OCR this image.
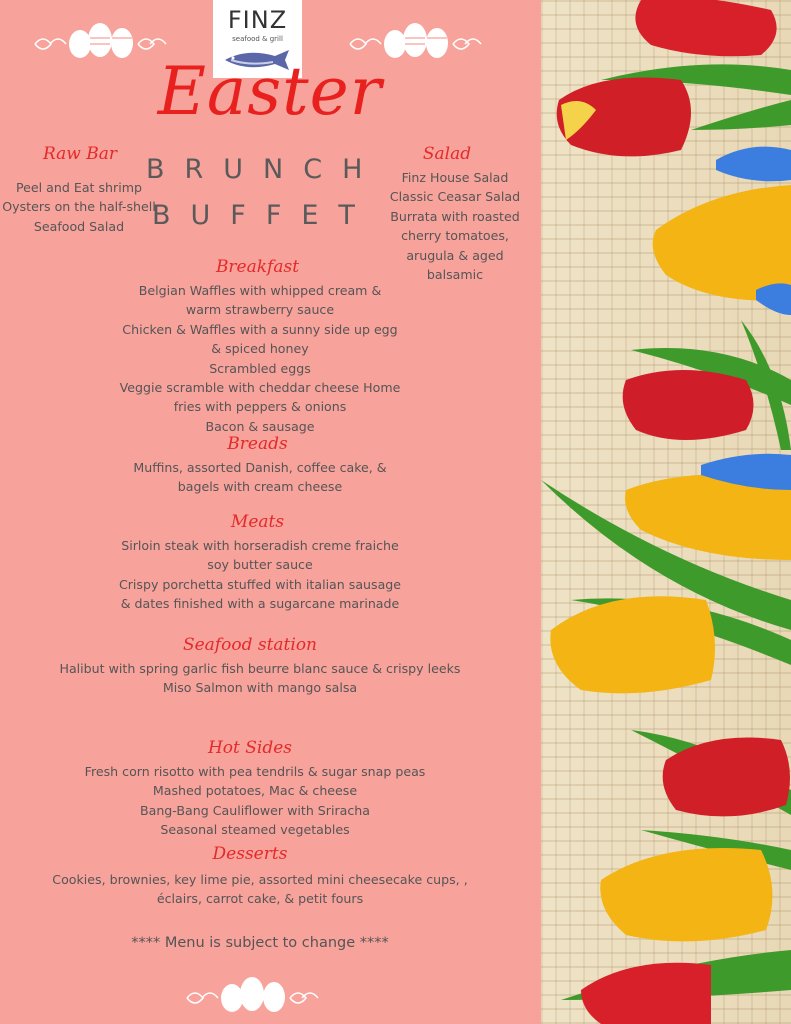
FINZ
seafood & grill
Easter
BRUNCH
BUFFET
Raw Bar
Peel and Eat shrimp
Oysters on the half-shell
Seafood Salad
Salad
Finz House Salad
Classic Ceasar Salad
Burrata with roasted
cherry tomatoes,
arugula & aged
balsamic
Breakfast
Belgian Waffles with whipped cream &
warm strawberry sauce
Chicken & Waffles with a sunny side up egg
& spiced honey
Scrambled eggs
Veggie scramble with cheddar cheese Home
fries with peppers & onions
Bacon & sausage
Breads
Muffins, assorted Danish, coffee cake, &
bagels with cream cheese
Meats
Sirloin steak with horseradish creme fraiche
soy butter sauce
Crispy porchetta stuffed with italian sausage
& dates finished with a sugarcane marinade
Seafood station
Halibut with spring garlic fish beurre blanc sauce & crispy leeks
Miso Salmon with mango salsa
Hot Sides
Fresh corn risotto with pea tendrils & sugar snap peas
Mashed potatoes, Mac & cheese
Bang-Bang Cauliflower with Sriracha
Seasonal steamed vegetables
Desserts
Cookies, brownies, key lime pie, assorted mini cheesecake cups, ,
éclairs, carrot cake, & petit fours
**** Menu is subject to change ****
